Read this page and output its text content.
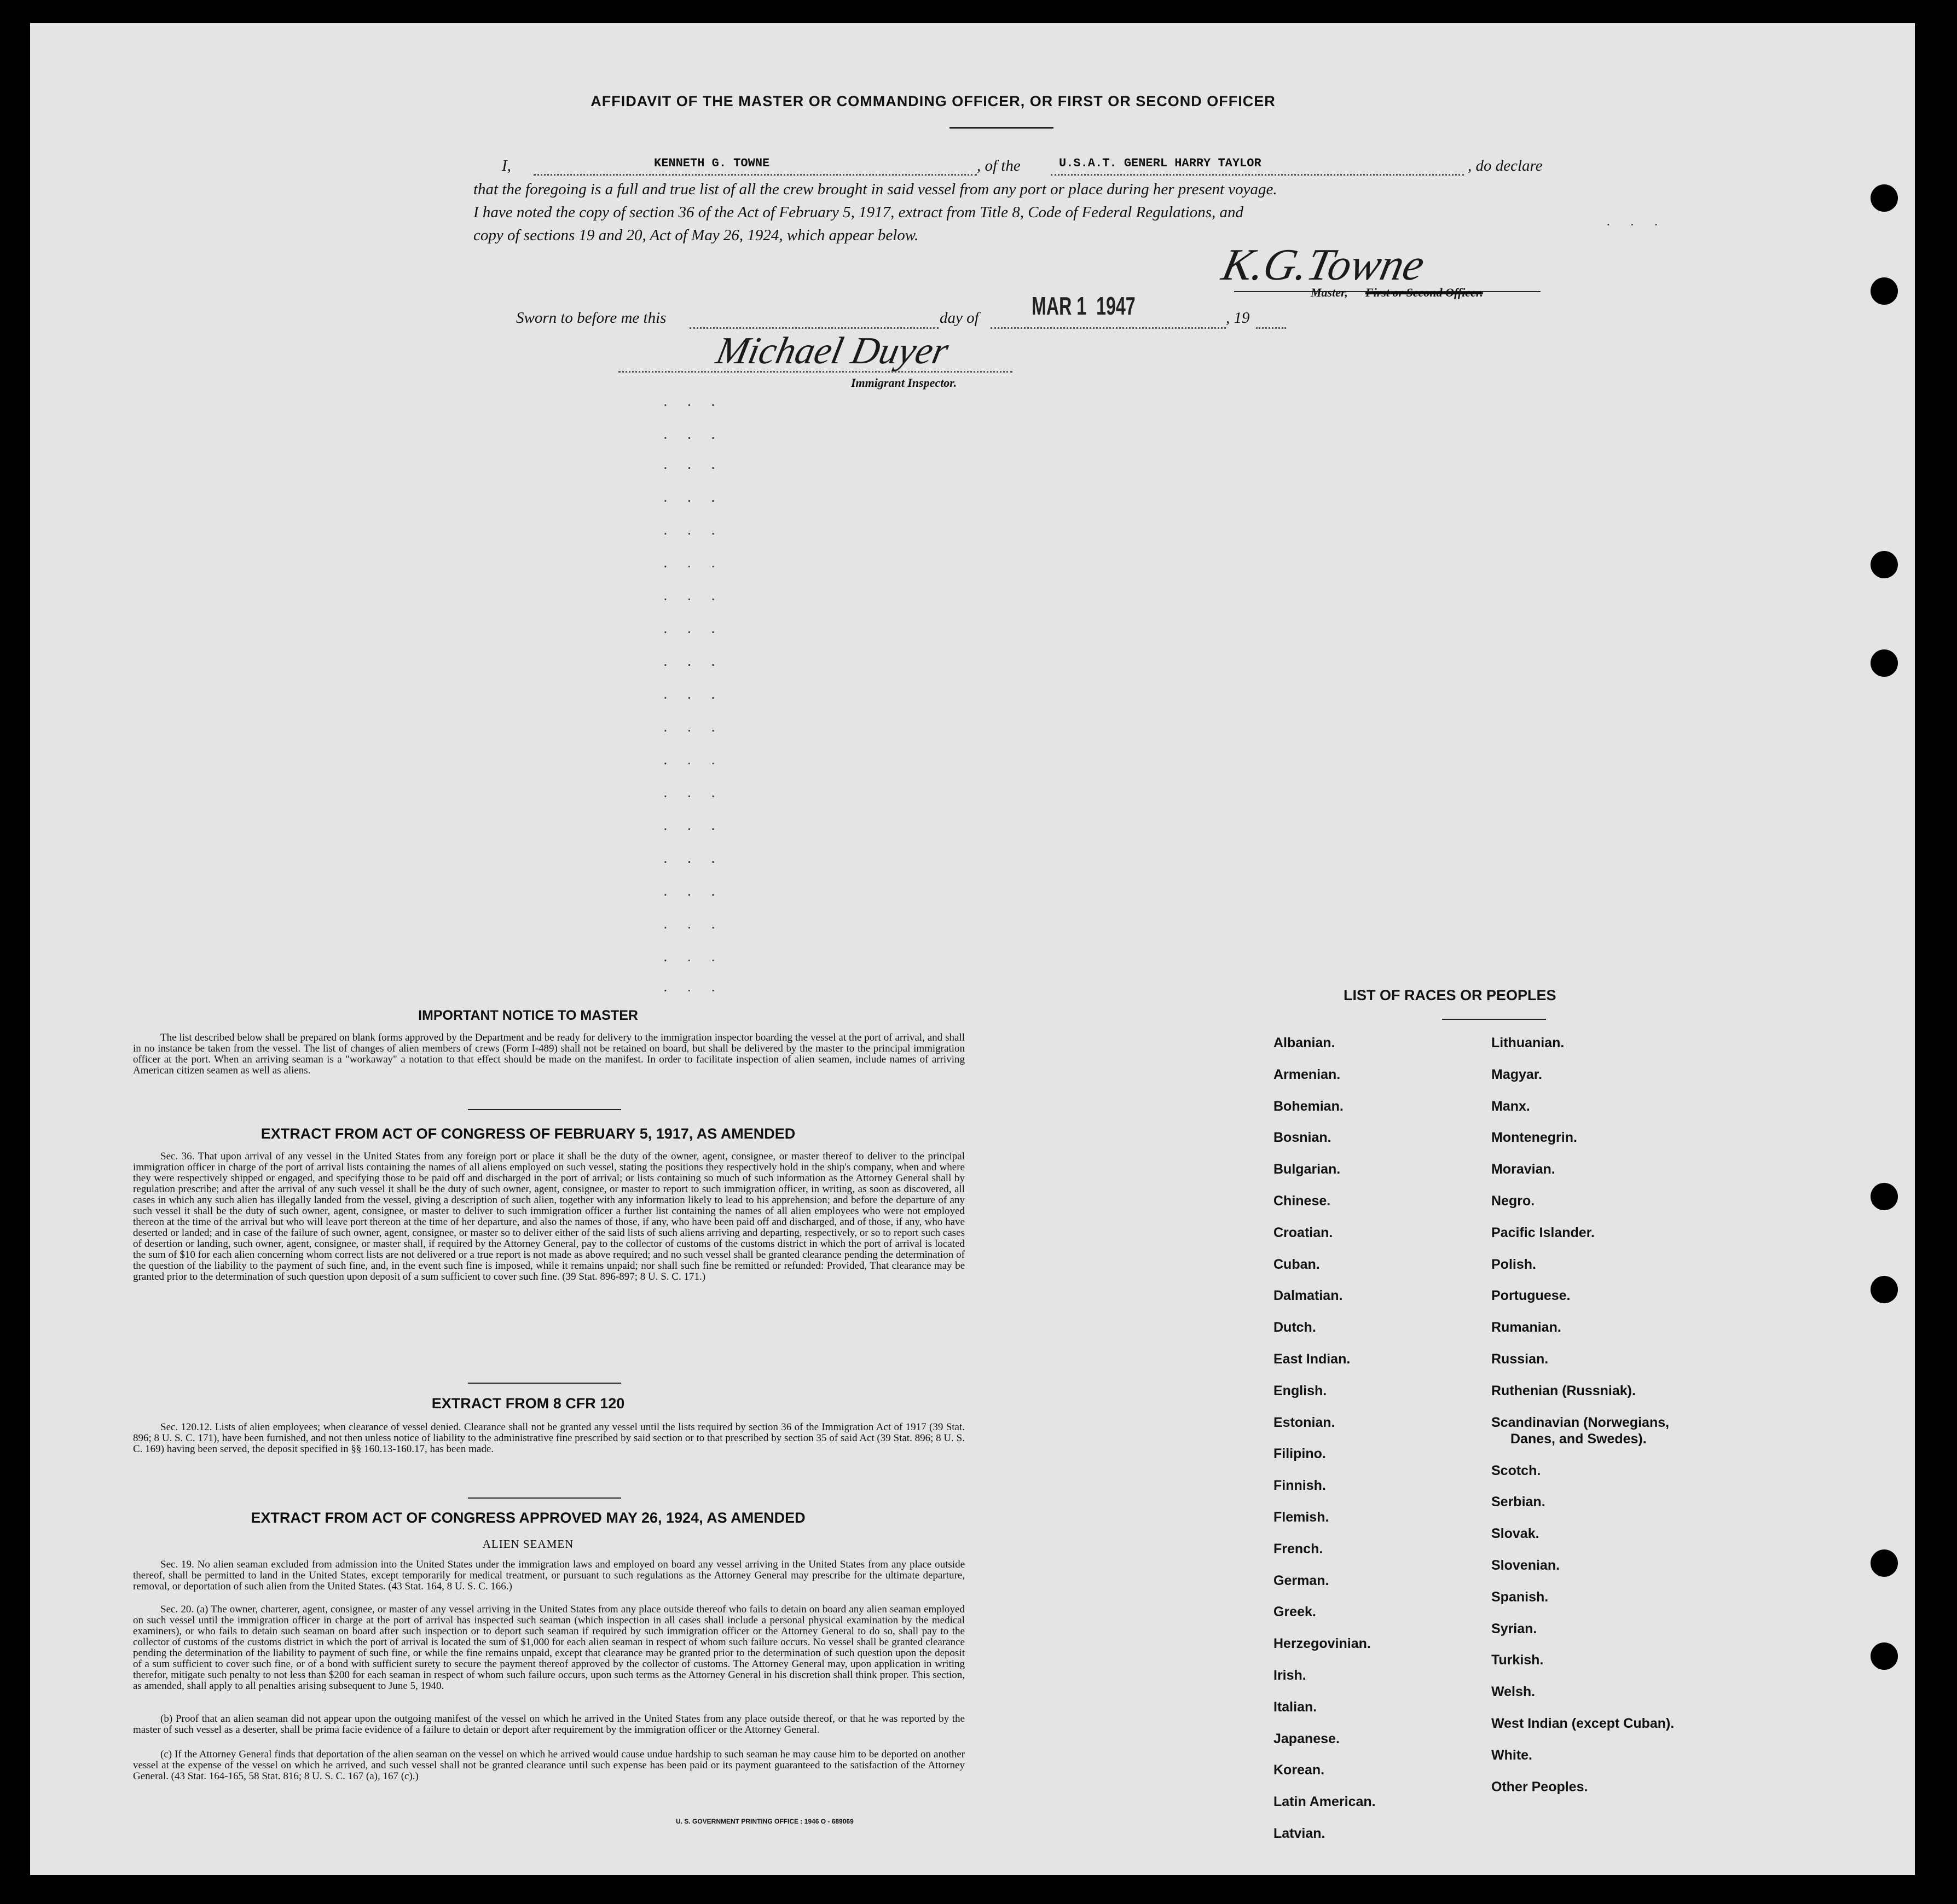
AFFIDAVIT OF THE MASTER OR COMMANDING OFFICER, OR FIRST OR SECOND OFFICER
I,	KENNETH G. TOWNE	, of the	U.S.A.T. GENERL HARRY TAYLOR	, do declare
that the foregoing is a full and true list of all the crew brought in said vessel from any port or place during her present voyage.
I have noted the copy of section 36 of the Act of February 5, 1917, extract from Title 8, Code of Federal Regulations, and
copy of sections 19 and 20, Act of May 26, 1924, which appear below.
. . .
K.G.Towne
Master, First or Second Officer.
Sworn to before me this	day of MAR 1  1947	, 19
Michael Duyer
Immigrant Inspector.
. . .
. . .
. . .
. . .
. . .
. . .
. . .
. . .
. . .
. . .
. . .
. . .
. . .
. . .
. . .
. . .
. . .
. . .
. . .
IMPORTANT NOTICE TO MASTER
The list described below shall be prepared on blank forms approved by the Department and be ready for delivery to the immigration inspector boarding the vessel at the port of arrival, and shall in no instance be taken from the vessel. The list of changes of alien members of crews (Form I-489) shall not be retained on board, but shall be delivered by the master to the principal immigration officer at the port. When an arriving seaman is a "workaway" a notation to that effect should be made on the manifest. In order to facilitate inspection of alien seamen, include names of arriving American citizen seamen as well as aliens.
EXTRACT FROM ACT OF CONGRESS OF FEBRUARY 5, 1917, AS AMENDED
Sec. 36. That upon arrival of any vessel in the United States from any foreign port or place it shall be the duty of the owner, agent, consignee, or master thereof to deliver to the principal immigration officer in charge of the port of arrival lists containing the names of all aliens employed on such vessel, stating the positions they respectively hold in the ship's company, when and where they were respectively shipped or engaged, and specifying those to be paid off and discharged in the port of arrival; or lists containing so much of such information as the Attorney General shall by regulation prescribe; and after the arrival of any such vessel it shall be the duty of such owner, agent, consignee, or master to report to such immigration officer, in writing, as soon as discovered, all cases in which any such alien has illegally landed from the vessel, giving a description of such alien, together with any information likely to lead to his apprehension; and before the departure of any such vessel it shall be the duty of such owner, agent, consignee, or master to deliver to such immigration officer a further list containing the names of all alien employees who were not employed thereon at the time of the arrival but who will leave port thereon at the time of her departure, and also the names of those, if any, who have been paid off and discharged, and of those, if any, who have deserted or landed; and in case of the failure of such owner, agent, consignee, or master so to deliver either of the said lists of such aliens arriving and departing, respectively, or so to report such cases of desertion or landing, such owner, agent, consignee, or master shall, if required by the Attorney General, pay to the collector of customs of the customs district in which the port of arrival is located the sum of $10 for each alien concerning whom correct lists are not delivered or a true report is not made as above required; and no such vessel shall be granted clearance pending the determination of the question of the liability to the payment of such fine, and, in the event such fine is imposed, while it remains unpaid; nor shall such fine be remitted or refunded: Provided, That clearance may be granted prior to the determination of such question upon deposit of a sum sufficient to cover such fine. (39 Stat. 896-897; 8 U. S. C. 171.)
EXTRACT FROM 8 CFR 120
Sec. 120.12. Lists of alien employees; when clearance of vessel denied. Clearance shall not be granted any vessel until the lists required by section 36 of the Immigration Act of 1917 (39 Stat. 896; 8 U. S. C. 171), have been furnished, and not then unless notice of liability to the administrative fine prescribed by said section or to that prescribed by section 35 of said Act (39 Stat. 896; 8 U. S. C. 169) having been served, the deposit specified in §§ 160.13-160.17, has been made.
EXTRACT FROM ACT OF CONGRESS APPROVED MAY 26, 1924, AS AMENDED
ALIEN SEAMEN
Sec. 19. No alien seaman excluded from admission into the United States under the immigration laws and employed on board any vessel arriving in the United States from any place outside thereof, shall be permitted to land in the United States, except temporarily for medical treatment, or pursuant to such regulations as the Attorney General may prescribe for the ultimate departure, removal, or deportation of such alien from the United States. (43 Stat. 164, 8 U. S. C. 166.)
Sec. 20. (a) The owner, charterer, agent, consignee, or master of any vessel arriving in the United States from any place outside thereof who fails to detain on board any alien seaman employed on such vessel until the immigration officer in charge at the port of arrival has inspected such seaman (which inspection in all cases shall include a personal physical examination by the medical examiners), or who fails to detain such seaman on board after such inspection or to deport such seaman if required by such immigration officer or the Attorney General to do so, shall pay to the collector of customs of the customs district in which the port of arrival is located the sum of $1,000 for each alien seaman in respect of whom such failure occurs. No vessel shall be granted clearance pending the determination of the liability to payment of such fine, or while the fine remains unpaid, except that clearance may be granted prior to the determination of such question upon the deposit of a sum sufficient to cover such fine, or of a bond with sufficient surety to secure the payment thereof approved by the collector of customs. The Attorney General may, upon application in writing therefor, mitigate such penalty to not less than $200 for each seaman in respect of whom such failure occurs, upon such terms as the Attorney General in his discretion shall think proper. This section, as amended, shall apply to all penalties arising subsequent to June 5, 1940.
(b) Proof that an alien seaman did not appear upon the outgoing manifest of the vessel on which he arrived in the United States from any place outside thereof, or that he was reported by the master of such vessel as a deserter, shall be prima facie evidence of a failure to detain or deport after requirement by the immigration officer or the Attorney General.
(c) If the Attorney General finds that deportation of the alien seaman on the vessel on which he arrived would cause undue hardship to such seaman he may cause him to be deported on another vessel at the expense of the vessel on which he arrived, and such vessel shall not be granted clearance until such expense has been paid or its payment guaranteed to the satisfaction of the Attorney General. (43 Stat. 164-165, 58 Stat. 816; 8 U. S. C. 167 (a), 167 (c).)
U. S. GOVERNMENT PRINTING OFFICE : 1946 O - 689069
LIST OF RACES OR PEOPLES
Albanian.
Armenian.
Bohemian.
Bosnian.
Bulgarian.
Chinese.
Croatian.
Cuban.
Dalmatian.
Dutch.
East Indian.
English.
Estonian.
Filipino.
Finnish.
Flemish.
French.
German.
Greek.
Herzegovinian.
Irish.
Italian.
Japanese.
Korean.
Latin American.
Latvian.
Lithuanian.
Magyar.
Manx.
Montenegrin.
Moravian.
Negro.
Pacific Islander.
Polish.
Portuguese.
Rumanian.
Russian.
Ruthenian (Russniak).
Scandinavian (Norwegians,
Danes, and Swedes).
Scotch.
Serbian.
Slovak.
Slovenian.
Spanish.
Syrian.
Turkish.
Welsh.
West Indian (except Cuban).
White.
Other Peoples.
